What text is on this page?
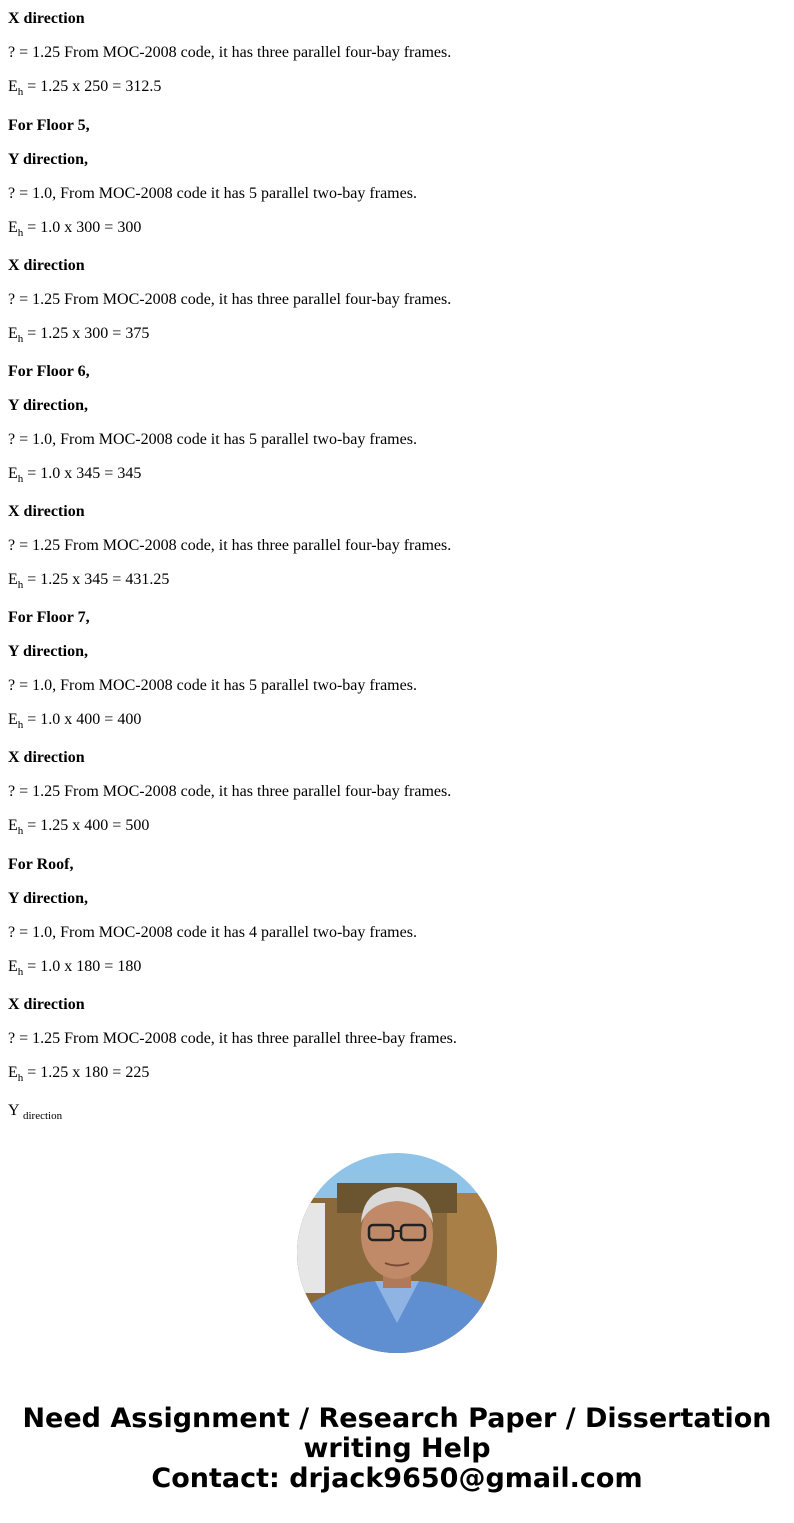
X direction
? = 1.25 From MOC-2008 code, it has three parallel four-bay frames.
$E_h = 1.25$ x 250 = 312.5
For Floor 5,
Y direction,
? = 1.0, From MOC-2008 code it has 5 parallel two-bay frames.
$E_h = 1.0$ x 300 = 300
X direction
? = 1.25 From MOC-2008 code, it has three parallel four-bay frames.
$E_h = 1.25$ x 300 = 375
For Floor 6,
Y direction,
? = 1.0, From MOC-2008 code it has 5 parallel two-bay frames.
$E_h = 1.0$ x 345 = 345
X direction
? = 1.25 From MOC-2008 code, it has three parallel four-bay frames.
$E_h = 1.25$ x 345 = 431.25
For Floor 7,
Y direction,
? = 1.0, From MOC-2008 code it has 5 parallel two-bay frames.
$E_h = 1.0$ x 400 = 400
X direction
? = 1.25 From MOC-2008 code, it has three parallel four-bay frames.
$E_h = 1.25$ x 400 = 500
For Roof,
Y direction,
? = 1.0, From MOC-2008 code it has 4 parallel two-bay frames.
$E_h = 1.0$ x 180 = 180
X direction
? = 1.25 From MOC-2008 code, it has three parallel three-bay frames.
$E_h = 1.25$ x 180 = 225
Y $_{direction}$
Need Assignment / Research Paper / Dissertation
writing Help
Contact: drjack9650@gmail.com
